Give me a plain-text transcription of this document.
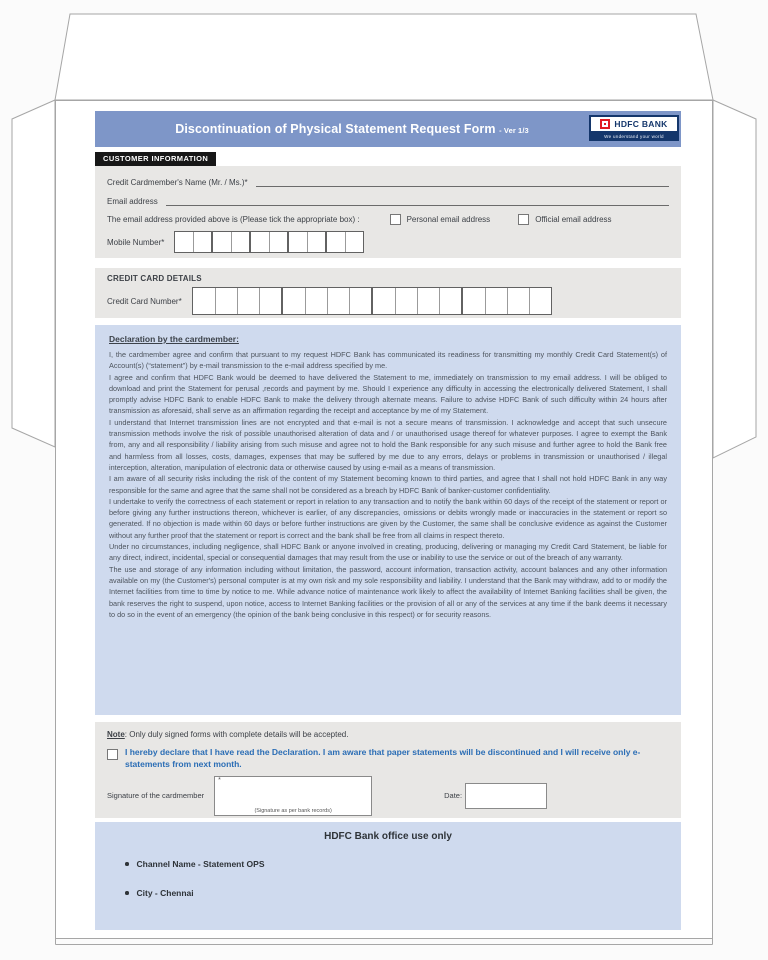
Discontinuation of Physical Statement Request Form - Ver 1/3
HDFC BANK
We understand your world
CUSTOMER INFORMATION
Credit Cardmember's Name (Mr. / Ms.)*
Email address
The email address provided above is (Please tick the appropriate box) :	Personal email address	Official email address
Mobile Number*
CREDIT CARD DETAILS
Credit Card Number*
Declaration by the cardmember:

I, the cardmember agree and confirm that pursuant to my request HDFC Bank has communicated its readiness for transmitting my monthly Credit Card Statement(s) of Account(s) (“statement”) by e-mail transmission to the e-mail address specified by me.

I agree and confirm that HDFC Bank would be deemed to have delivered the Statement to me, immediately on transmission to my email address. I will be obliged to download and print the Statement for perusal ,records and payment by me. Should I experience any difficulty in accessing the electronically delivered Statement, I shall promptly advise HDFC Bank to enable HDFC Bank to make the delivery through alternate means. Failure to advise HDFC Bank of such difficulty within 24 hours after transmission as aforesaid, shall serve as an affirmation regarding the receipt and acceptance by me of my Statement.

I understand that Internet transmission lines are not encrypted and that e-mail is not a secure means of transmission. I acknowledge and accept that such unsecure transmission methods involve the risk of possible unauthorised alteration of data and / or unauthorised usage thereof for whatever purposes. I agree to exempt the Bank from, any and all responsibility / liability arising from such misuse and agree not to hold the Bank responsible for any such misuse and further agree to hold the Bank free and harmless from all losses, costs, damages, expenses that may be suffered by me due to any errors, delays or problems in transmission or unauthorised / illegal interception, alteration, manipulation of electronic data or otherwise caused by using e-mail as a means of transmission.

I am aware of all security risks including the risk of the content of my Statement becoming known to third parties, and agree that I shall not hold HDFC Bank in any way responsible for the same and agree that the same shall not be considered as a breach by HDFC Bank of banker-customer confidentiality.

I undertake to verify the correctness of each statement or report in relation to any transaction and to notify the bank within 60 days of the receipt of the statement or report or before giving any further instructions thereon, whichever is earlier, of any discrepancies, omissions or debits wrongly made or inaccuracies in the statement or report so generated. If no objection is made within 60 days or before further instructions are given by the Customer, the same shall be conclusive evidence as against the Customer without any further proof that the statement or report is correct and the bank shall be free from all claims in respect thereto.

Under no circumstances, including negligence, shall HDFC Bank or anyone involved in creating, producing, delivering or managing my Credit Card Statement, be liable for any direct, indirect, incidental, special or consequential damages that may result from the use or inability to use the service or out of the breach of any warranty.

The use and storage of any information including without limitation, the password, account information, transaction activity, account balances and any other information available on my (the Customer's) personal computer is at my own risk and my sole responsibility and liability. I understand that the Bank may withdraw, add to or modify the Internet facilities from time to time by notice to me. While advance notice of maintenance work likely to affect the availability of Internet Banking facilities shall be given, the bank reserves the right to suspend, upon notice, access to Internet Banking facilities or the provision of all or any of the services at any time if the bank deems it necessary to do so in the event of an emergency (the opinion of the bank being conclusive in this respect) or for security reasons.

Note: Only duly signed forms with complete details will be accepted.
I hereby declare that I have read the Declaration. I am aware that paper statements will be discontinued and I will receive only e-statements from next month.
Signature of the cardmember
*
(Signature as per bank records)
Date:
HDFC Bank office use only
Channel Name - Statement OPS
City - Chennai
